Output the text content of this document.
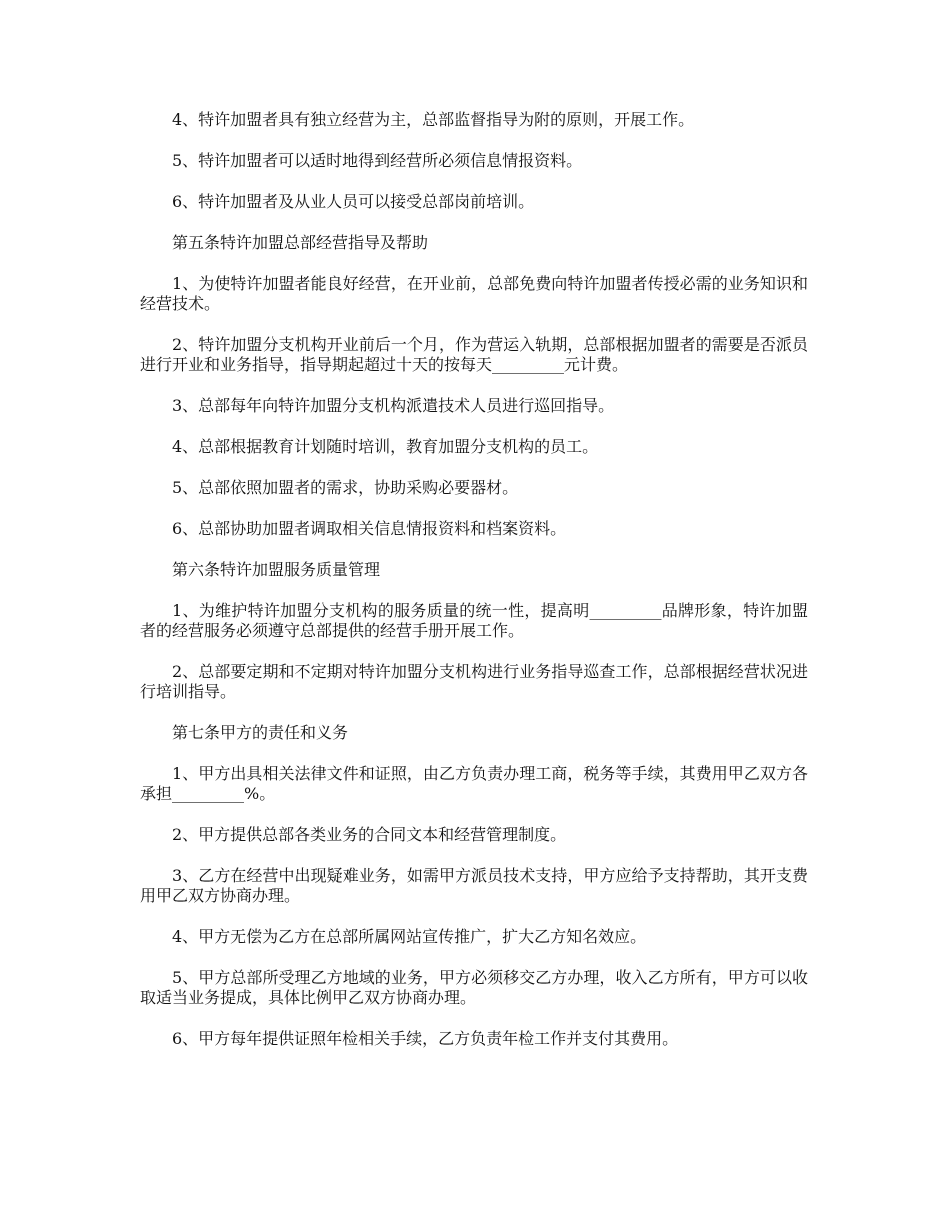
4、特许加盟者具有独立经营为主，总部监督指导为附的原则，开展工作。

5、特许加盟者可以适时地得到经营所必须信息情报资料。

6、特许加盟者及从业人员可以接受总部岗前培训。

第五条特许加盟总部经营指导及帮助

1、为使特许加盟者能良好经营，在开业前，总部免费向特许加盟者传授必需的业务知识和经营技术。

2、特许加盟分支机构开业前后一个月，作为营运入轨期，总部根据加盟者的需要是否派员进行开业和业务指导，指导期起超过十天的按每天_________元计费。

3、总部每年向特许加盟分支机构派遣技术人员进行巡回指导。

4、总部根据教育计划随时培训，教育加盟分支机构的员工。

5、总部依照加盟者的需求，协助采购必要器材。

6、总部协助加盟者调取相关信息情报资料和档案资料。

第六条特许加盟服务质量管理

1、为维护特许加盟分支机构的服务质量的统一性，提高明_________品牌形象，特许加盟者的经营服务必须遵守总部提供的经营手册开展工作。

2、总部要定期和不定期对特许加盟分支机构进行业务指导巡查工作，总部根据经营状况进行培训指导。

第七条甲方的责任和义务

1、甲方出具相关法律文件和证照，由乙方负责办理工商，税务等手续，其费用甲乙双方各承担_________%。

2、甲方提供总部各类业务的合同文本和经营管理制度。

3、乙方在经营中出现疑难业务，如需甲方派员技术支持，甲方应给予支持帮助，其开支费用甲乙双方协商办理。

4、甲方无偿为乙方在总部所属网站宣传推广，扩大乙方知名效应。

5、甲方总部所受理乙方地域的业务，甲方必须移交乙方办理，收入乙方所有，甲方可以收取适当业务提成，具体比例甲乙双方协商办理。

6、甲方每年提供证照年检相关手续，乙方负责年检工作并支付其费用。
